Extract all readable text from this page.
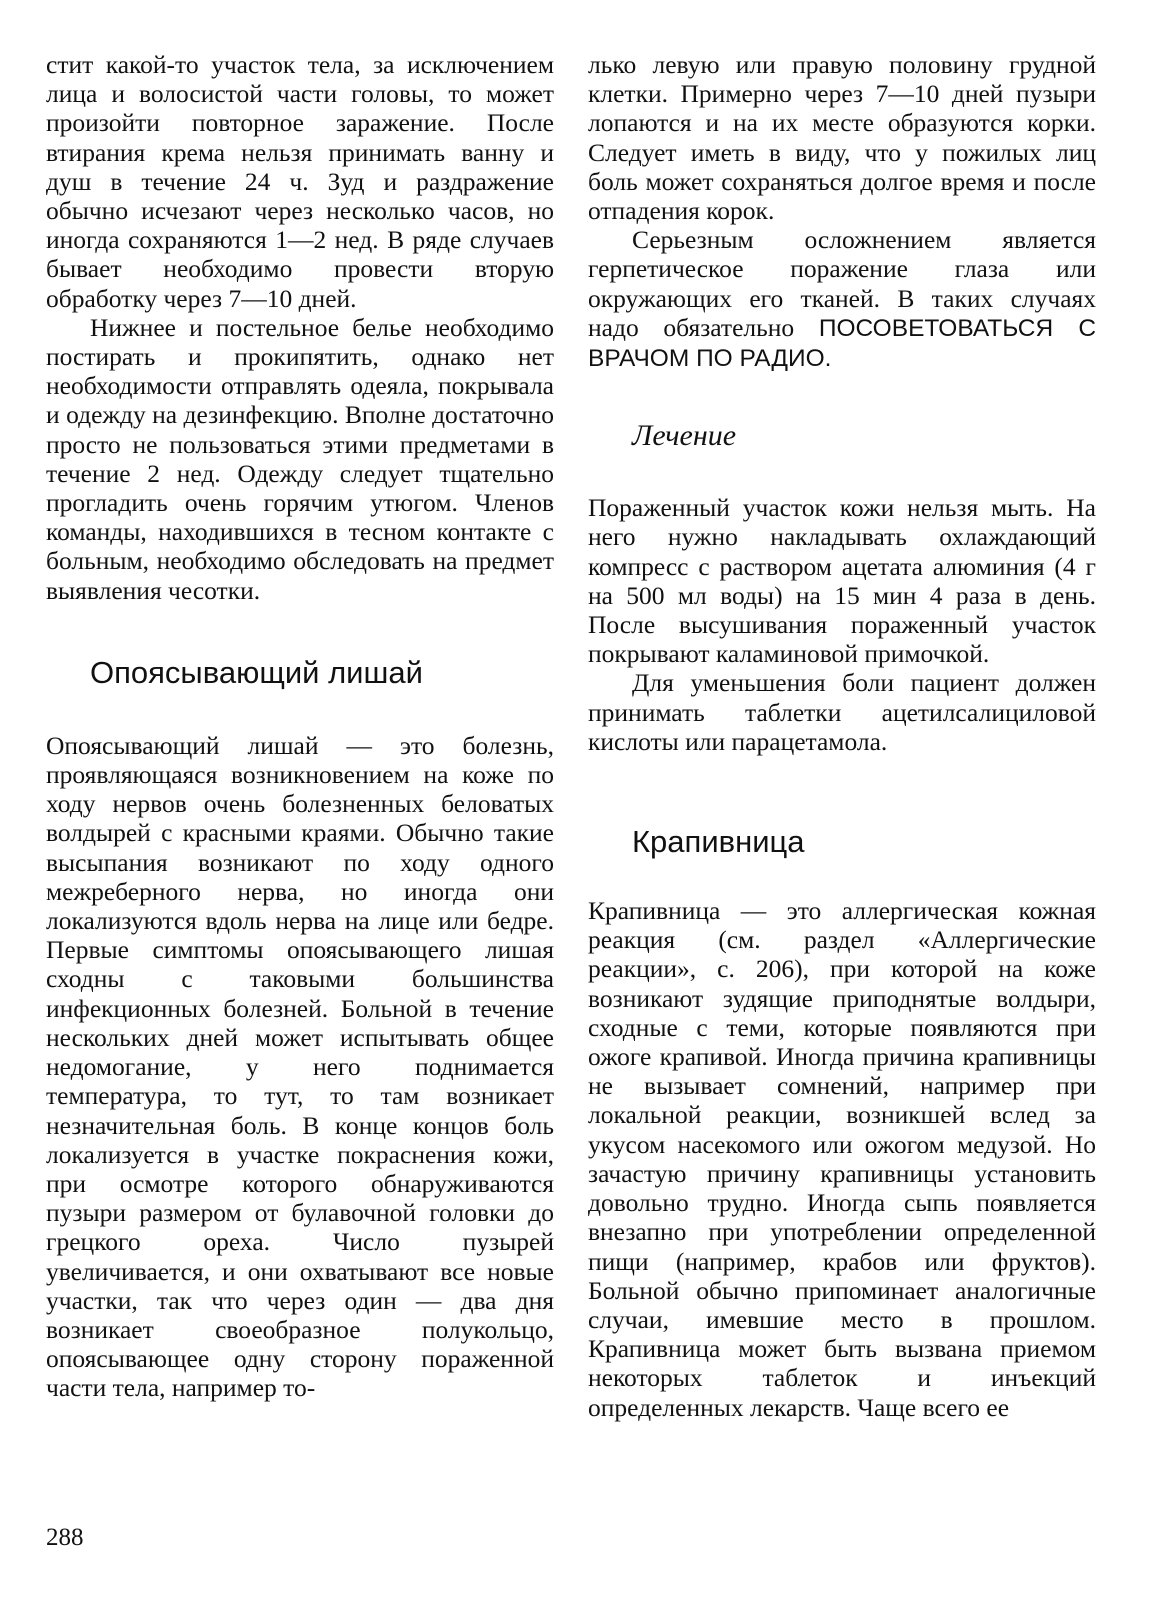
стит какой-то участок тела, за исключением лица и волосистой части головы, то может произойти повторное заражение. После втирания крема нельзя принимать ванну и душ в течение 24 ч. Зуд и раздражение обычно исчезают через несколько часов, но иногда сохраняются 1—2 нед. В ряде случаев бывает необходимо провести вторую обработку через 7—10 дней.

Нижнее и постельное белье необходимо постирать и прокипятить, однако нет необходимости отправлять одеяла, покрывала и одежду на дезинфекцию. Вполне достаточно просто не пользоваться этими предметами в течение 2 нед. Одежду следует тщательно прогладить очень горячим утюгом. Членов команды, находившихся в тесном контакте с больным, необходимо обследовать на предмет выявления чесотки.

Опоясывающий лишай

Опоясывающий лишай — это болезнь, проявляющаяся возникновением на коже по ходу нервов очень болезненных беловатых волдырей с красными краями. Обычно такие высыпания возникают по ходу одного межреберного нерва, но иногда они локализуются вдоль нерва на лице или бедре. Первые симптомы опоясывающего лишая сходны с таковыми большинства инфекционных болезней. Больной в течение нескольких дней может испытывать общее недомогание, у него поднимается температура, то тут, то там возникает незначительная боль. В конце концов боль локализуется в участке покраснения кожи, при осмотре которого обнаруживаются пузыри размером от булавочной головки до грецкого ореха. Число пузырей увеличивается, и они охватывают все новые участки, так что через один — два дня возникает своеобразное полукольцо, опоясывающее одну сторону пораженной части тела, например то-

лько левую или правую половину грудной клетки. Примерно через 7—10 дней пузыри лопаются и на их месте образуются корки. Следует иметь в виду, что у пожилых лиц боль может сохраняться долгое время и после отпадения корок.

Серьезным осложнением является герпетическое поражение глаза или окружающих его тканей. В таких случаях надо обязательно ПОСОВЕТОВАТЬСЯ С ВРАЧОМ ПО РАДИО.

Лечение

Пораженный участок кожи нельзя мыть. На него нужно накладывать охлаждающий компресс с раствором ацетата алюминия (4 г на 500 мл воды) на 15 мин 4 раза в день. После высушивания пораженный участок покрывают каламиновой примочкой.

Для уменьшения боли пациент должен принимать таблетки ацетилсалициловой кислоты или парацетамола.

Крапивница

Крапивница — это аллергическая кожная реакция (см. раздел «Аллергические реакции», с. 206), при которой на коже возникают зудящие приподнятые волдыри, сходные с теми, которые появляются при ожоге крапивой. Иногда причина крапивницы не вызывает сомнений, например при локальной реакции, возникшей вслед за укусом насекомого или ожогом медузой. Но зачастую причину крапивницы установить довольно трудно. Иногда сыпь появляется внезапно при употреблении определенной пищи (например, крабов или фруктов). Больной обычно припоминает аналогичные случаи, имевшие место в прошлом. Крапивница может быть вызвана приемом некоторых таблеток и инъекций определенных лекарств. Чаще всего ее

288
